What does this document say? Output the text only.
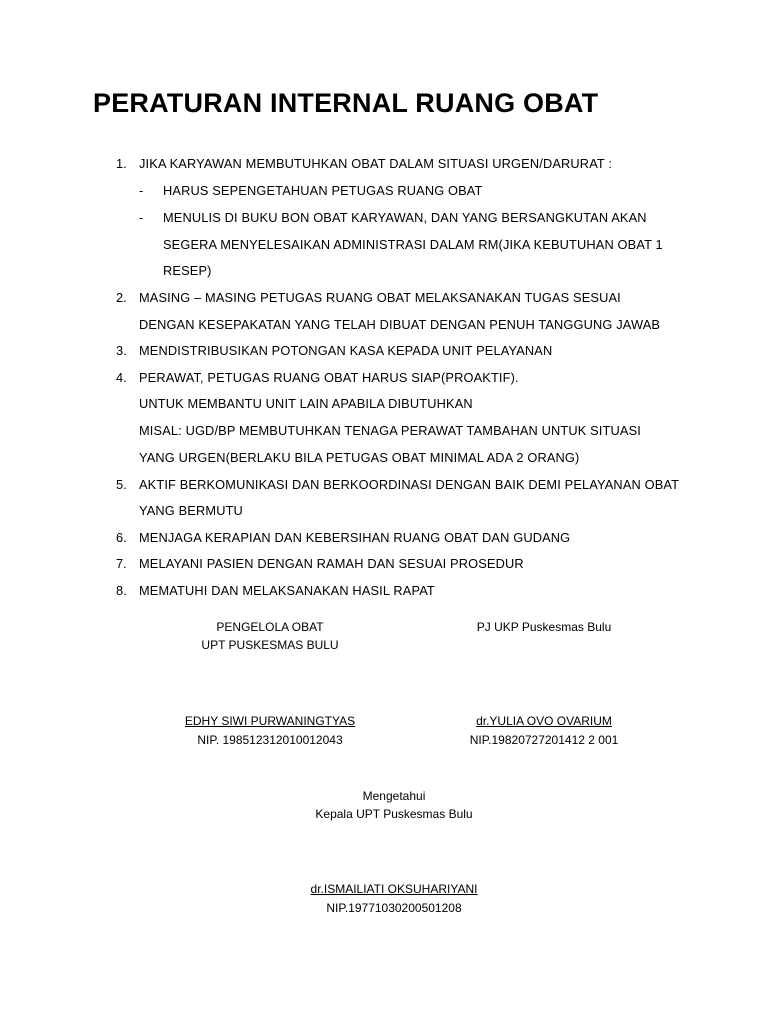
PERATURAN INTERNAL RUANG OBAT
1. JIKA KARYAWAN MEMBUTUHKAN OBAT DALAM SITUASI URGEN/DARURAT :
- HARUS SEPENGETAHUAN PETUGAS RUANG OBAT
- MENULIS DI BUKU BON OBAT KARYAWAN, DAN YANG BERSANGKUTAN AKAN
SEGERA MENYELESAIKAN ADMINISTRASI DALAM RM(JIKA KEBUTUHAN OBAT 1
RESEP)
2. MASING – MASING PETUGAS RUANG OBAT MELAKSANAKAN TUGAS SESUAI
DENGAN KESEPAKATAN YANG TELAH DIBUAT DENGAN PENUH TANGGUNG JAWAB
3. MENDISTRIBUSIKAN POTONGAN KASA KEPADA UNIT PELAYANAN
4. PERAWAT, PETUGAS RUANG OBAT HARUS SIAP(PROAKTIF).
UNTUK MEMBANTU UNIT LAIN APABILA DIBUTUHKAN
MISAL: UGD/BP MEMBUTUHKAN TENAGA PERAWAT TAMBAHAN UNTUK SITUASI
YANG URGEN(BERLAKU BILA PETUGAS OBAT MINIMAL ADA 2 ORANG)
5. AKTIF BERKOMUNIKASI DAN BERKOORDINASI DENGAN BAIK DEMI PELAYANAN OBAT
YANG BERMUTU
6. MENJAGA KERAPIAN DAN KEBERSIHAN RUANG OBAT DAN GUDANG
7. MELAYANI PASIEN DENGAN RAMAH DAN SESUAI PROSEDUR
8. MEMATUHI DAN MELAKSANAKAN HASIL RAPAT
PENGELOLA OBAT
UPT PUSKESMAS BULU
EDHY SIWI PURWANINGTYAS
NIP. 198512312010012043
PJ UKP Puskesmas Bulu
dr.YULIA OVO OVARIUM
NIP.19820727201412 2 001
Mengetahui
Kepala UPT Puskesmas Bulu
dr.ISMAILIATI OKSUHARIYANI
NIP.19771030200501208
